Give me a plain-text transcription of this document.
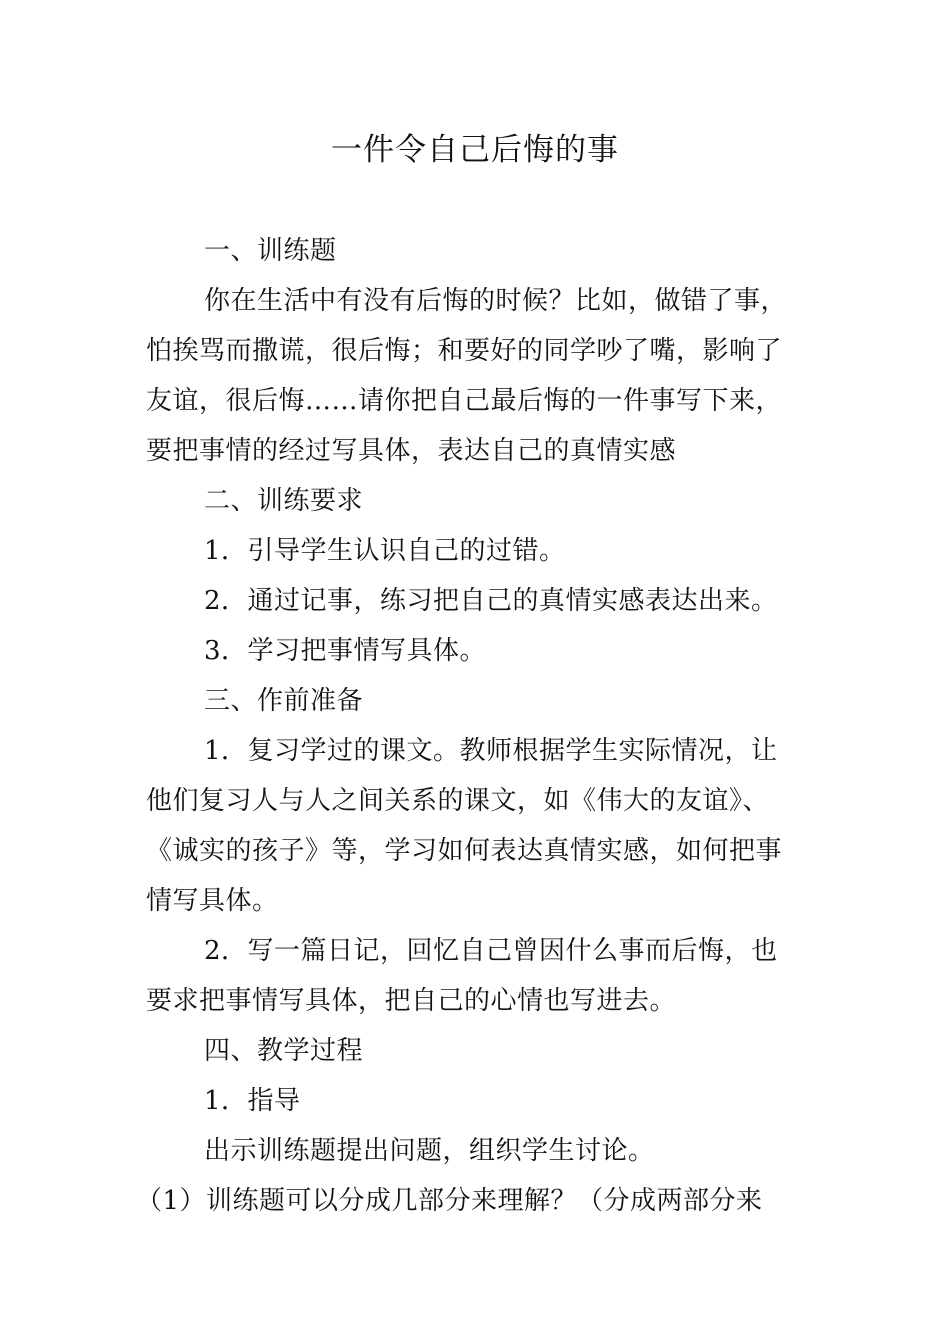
一件令自己后悔的事
一、训练题
你在生活中有没有后悔的时候？比如，做错了事，
怕挨骂而撒谎，很后悔；和要好的同学吵了嘴，影响了
友谊，很后悔……请你把自己最后悔的一件事写下来，
要把事情的经过写具体，表达自己的真情实感
二、训练要求
1．引导学生认识自己的过错。
2．通过记事，练习把自己的真情实感表达出来。
3．学习把事情写具体。
三、作前准备
1．复习学过的课文。教师根据学生实际情况，让
他们复习人与人之间关系的课文，如《伟大的友谊》、
《诚实的孩子》等，学习如何表达真情实感，如何把事
情写具体。
2．写一篇日记，回忆自己曾因什么事而后悔，也
要求把事情写具体，把自己的心情也写进去。
四、教学过程
1．指导
出示训练题提出问题，组织学生讨论。
（1）训练题可以分成几部分来理解？（分成两部分来
